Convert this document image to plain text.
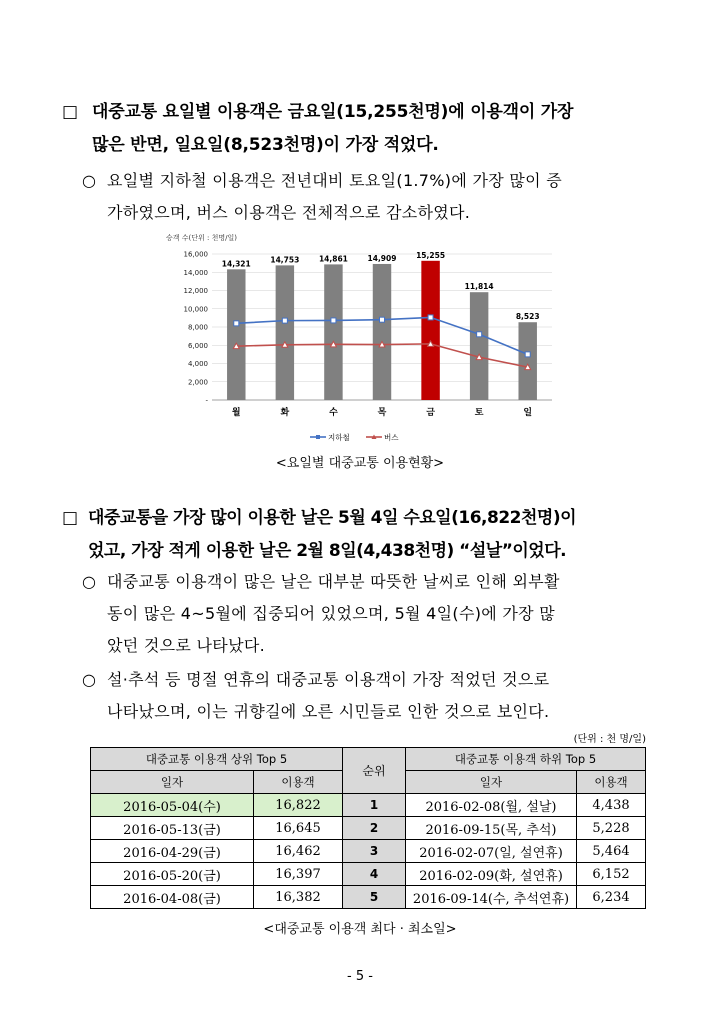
□ 대중교통 요일별 이용객은 금요일(15,255천명)에 이용객이 가장
많은 반면, 일요일(8,523천명)이 가장 적었다.
○ 요일별 지하철 이용객은 전년대비 토요일(1.7%)에 가장 많이 증
가하였으며, 버스 이용객은 전체적으로 감소하였다.
승객 수(단위 : 천명/일)
-
2,000
4,000
6,000
8,000
10,000
12,000
14,000
16,000
14,321	14,753	14,861	14,909	15,255
11,814
8,523
월	화	수	목	금	토	일
지하철	버스
<요일별 대중교통 이용현황>
□ 대중교통을 가장 많이 이용한 날은 5월 4일 수요일(16,822천명)이
었고, 가장 적게 이용한 날은 2월 8일(4,438천명) “설날”이었다.
○ 대중교통 이용객이 많은 날은 대부분 따뜻한 날씨로 인해 외부활
동이 많은 4~5월에 집중되어 있었으며, 5월 4일(수)에 가장 많
았던 것으로 나타났다.
○ 설·추석 등 명절 연휴의 대중교통 이용객이 가장 적었던 것으로
나타났으며, 이는 귀향길에 오른 시민들로 인한 것으로 보인다.
(단위 : 천 명/일)
대중교통 이용객 상위 Top 5		순위	대중교통 이용객 하위 Top 5	
일자	이용객		일자	이용객
2016-05-04(수)	16,822	1	2016-02-08(월, 설날)	4,438
2016-05-13(금)	16,645	2	2016-09-15(목, 추석)	5,228
2016-04-29(금)	16,462	3	2016-02-07(일, 설연휴)	5,464
2016-05-20(금)	16,397	4	2016-02-09(화, 설연휴)	6,152
2016-04-08(금)	16,382	5	2016-09-14(수, 추석연휴)	6,234
<대중교통 이용객 최다 · 최소일>
- 5 -
